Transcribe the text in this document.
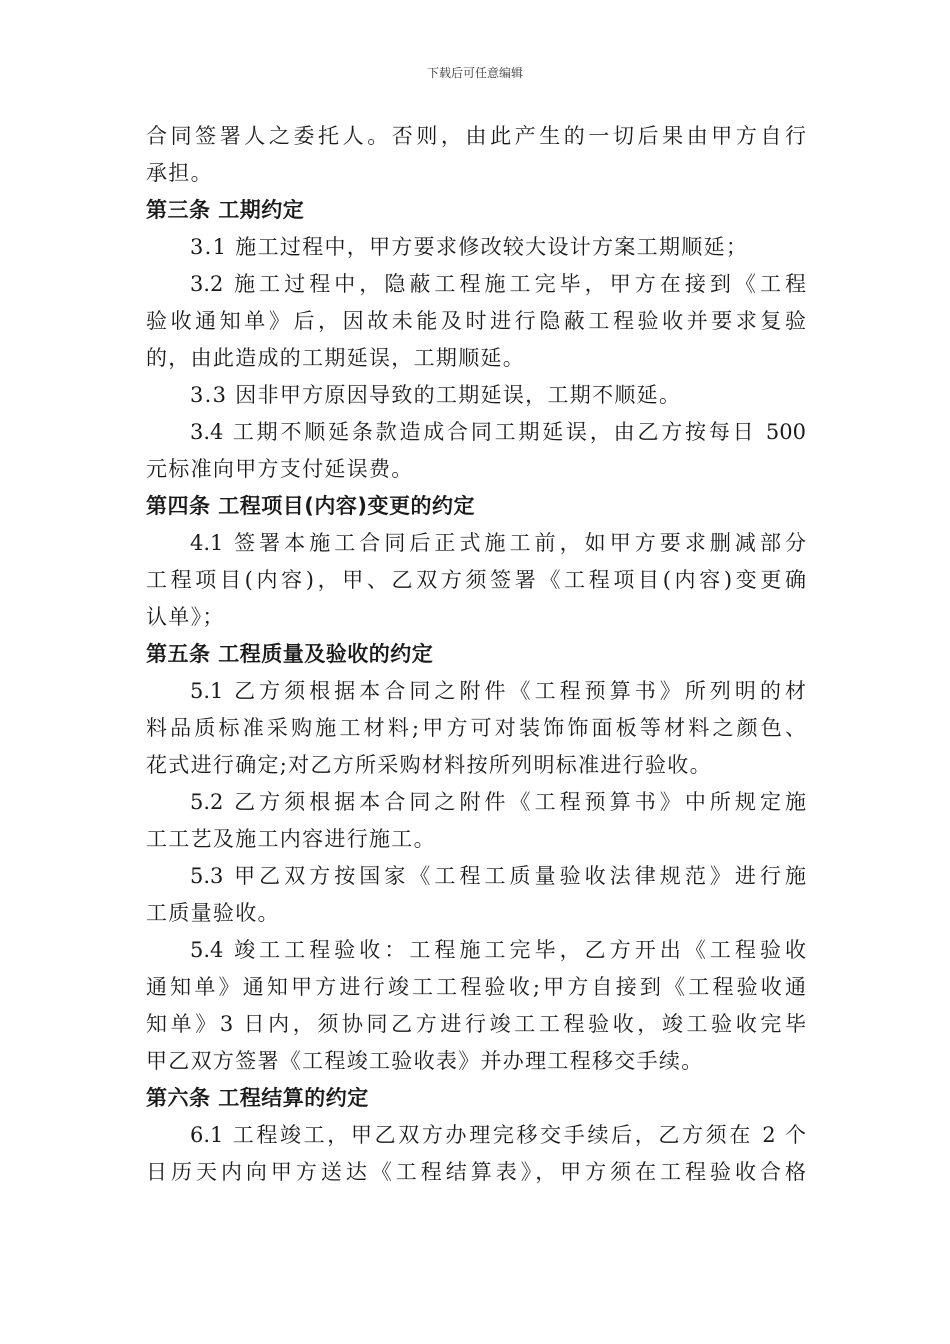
下载后可任意编辑
合同签署人之委托人。否则，由此产生的一切后果由甲方自行
承担。
第三条 工期约定
3.1 施工过程中，甲方要求修改较大设计方案工期顺延；
3.2 施工过程中，隐蔽工程施工完毕，甲方在接到《工程
验收通知单》后，因故未能及时进行隐蔽工程验收并要求复验
的，由此造成的工期延误，工期顺延。
3.3 因非甲方原因导致的工期延误，工期不顺延。
3.4 工期不顺延条款造成合同工期延误，由乙方按每日 500
元标准向甲方支付延误费。
第四条 工程项目(内容)变更的约定
4.1 签署本施工合同后正式施工前，如甲方要求删减部分
工程项目(内容)，甲、乙双方须签署《工程项目(内容)变更确
认单》；
第五条 工程质量及验收的约定
5.1 乙方须根据本合同之附件《工程预算书》所列明的材
料品质标准采购施工材料;甲方可对装饰饰面板等材料之颜色、
花式进行确定;对乙方所采购材料按所列明标准进行验收。
5.2 乙方须根据本合同之附件《工程预算书》中所规定施
工工艺及施工内容进行施工。
5.3 甲乙双方按国家《工程工质量验收法律规范》进行施
工质量验收。
5.4 竣工工程验收：工程施工完毕，乙方开出《工程验收
通知单》通知甲方进行竣工工程验收;甲方自接到《工程验收通
知单》3 日内，须协同乙方进行竣工工程验收，竣工验收完毕
甲乙双方签署《工程竣工验收表》并办理工程移交手续。
第六条 工程结算的约定
6.1 工程竣工，甲乙双方办理完移交手续后，乙方须在 2 个
日历天内向甲方送达《工程结算表》，甲方须在工程验收合格
